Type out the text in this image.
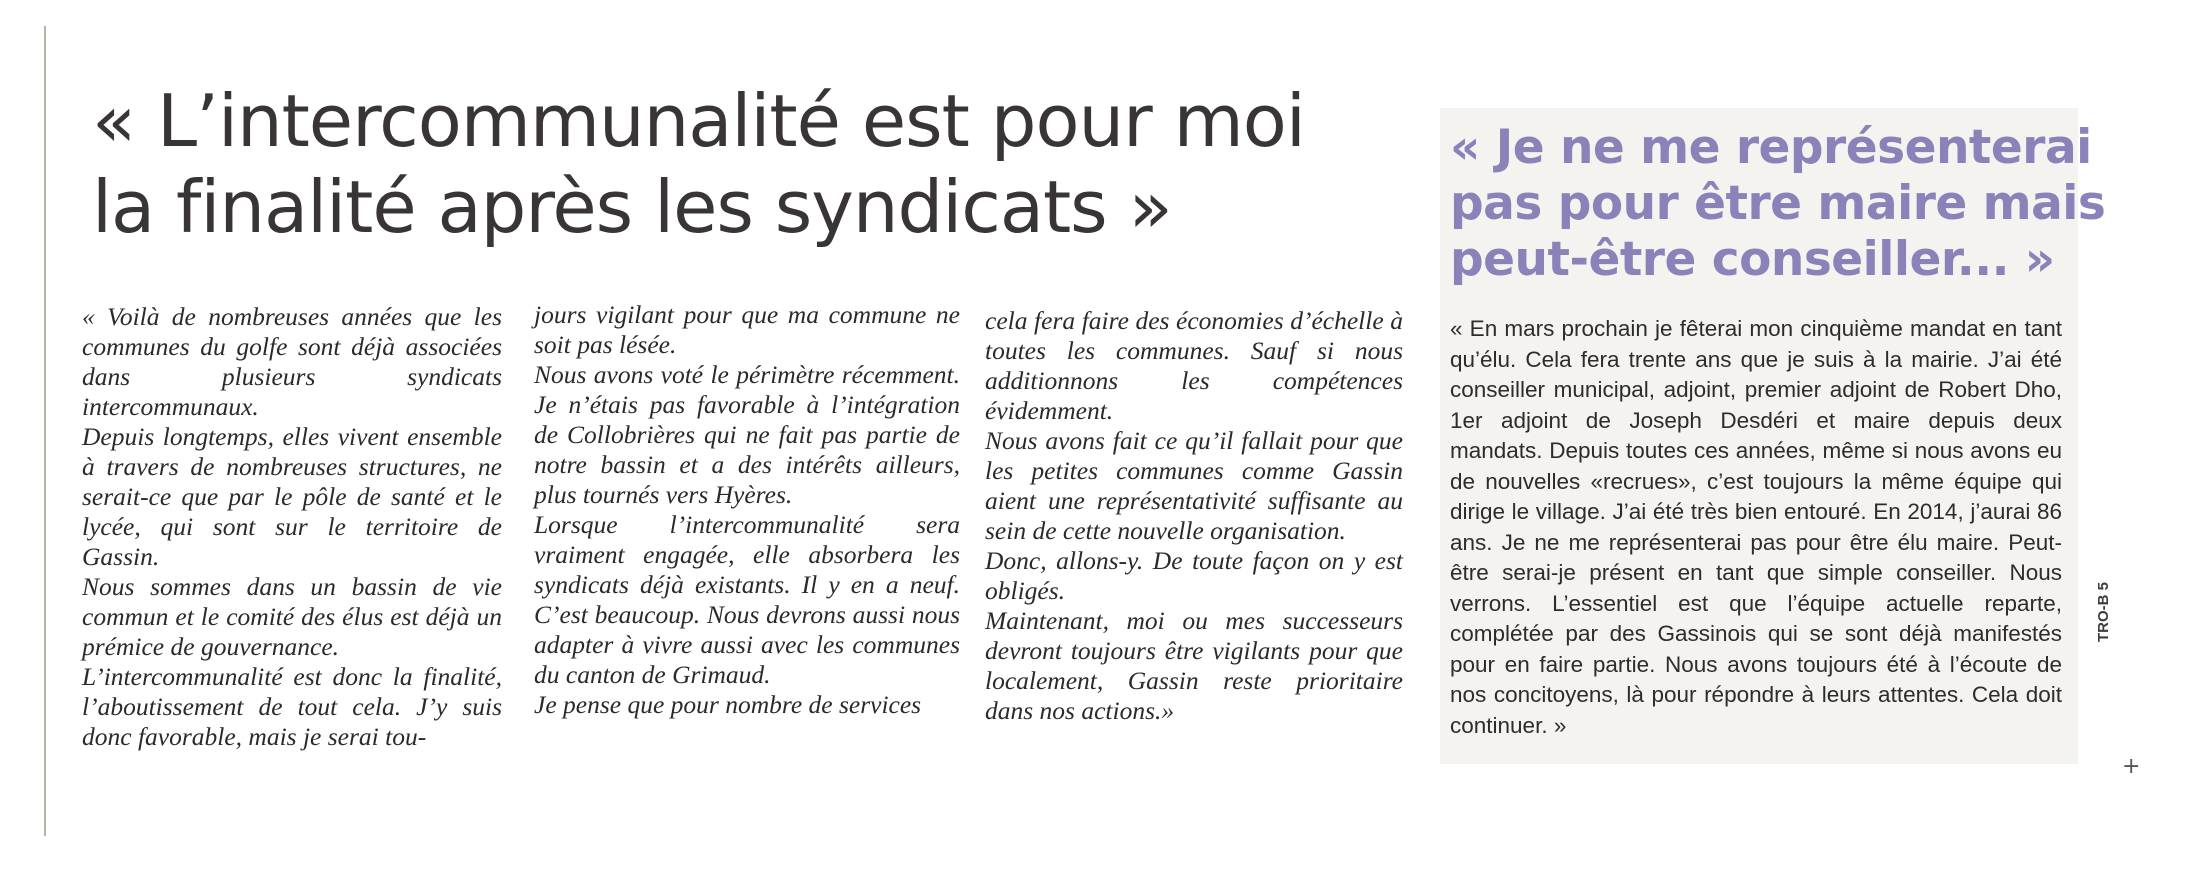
« L’intercommunalité est pour moi
la finalité après les syndicats »

« Voilà de nombreuses années que les communes du golfe sont déjà associées dans plusieurs syndicats intercommunaux.

Depuis longtemps, elles vivent ensemble à travers de nombreuses structures, ne serait-ce que par le pôle de santé et le lycée, qui sont sur le territoire de Gassin.

Nous sommes dans un bassin de vie commun et le comité des élus est déjà un prémice de gouvernance.

L’intercommunalité est donc la finalité, l’aboutissement de tout cela. J’y suis donc favorable, mais je serai tou-

jours vigilant pour que ma commune ne soit pas lésée.

Nous avons voté le périmètre récemment. Je n’étais pas favorable à l’intégration de Collobrières qui ne fait pas partie de notre bassin et a des intérêts ailleurs, plus tournés vers Hyères.

Lorsque l’intercommunalité sera vraiment engagée, elle absorbera les syndicats déjà existants. Il y en a neuf. C’est beaucoup. Nous devrons aussi nous adapter à vivre aussi avec les communes du canton de Grimaud.

Je pense que pour nombre de services

cela fera faire des économies d’échelle à toutes les communes. Sauf si nous additionnons les compétences évidemment.

Nous avons fait ce qu’il fallait pour que les petites communes comme Gassin aient une représentativité suffisante au sein de cette nouvelle organisation.

Donc, allons-y. De toute façon on y est obligés.

Maintenant, moi ou mes successeurs devront toujours être vigilants pour que localement, Gassin reste prioritaire dans nos actions.»

« Je ne me représenterai
pas pour être maire mais
peut-être conseiller... »

« En mars prochain je fêterai mon cinquième mandat en tant qu’élu. Cela fera trente ans que je suis à la mairie. J’ai été conseiller municipal, adjoint, premier adjoint de Robert Dho, 1er adjoint de Joseph Desdéri et maire depuis deux mandats. Depuis toutes ces années, même si nous avons eu de nouvelles «recrues», c’est toujours la même équipe qui dirige le village. J’ai été très bien entouré. En 2014, j’aurai 86 ans. Je ne me représenterai pas pour être élu maire. Peut-être serai-je présent en tant que simple conseiller. Nous verrons. L’essentiel est que l’équipe actuelle reparte, complétée par des Gassinois qui se sont déjà manifestés pour en faire partie. Nous avons toujours été à l’écoute de nos concitoyens, là pour répondre à leurs attentes. Cela doit continuer. »

TRO-B 5
+
